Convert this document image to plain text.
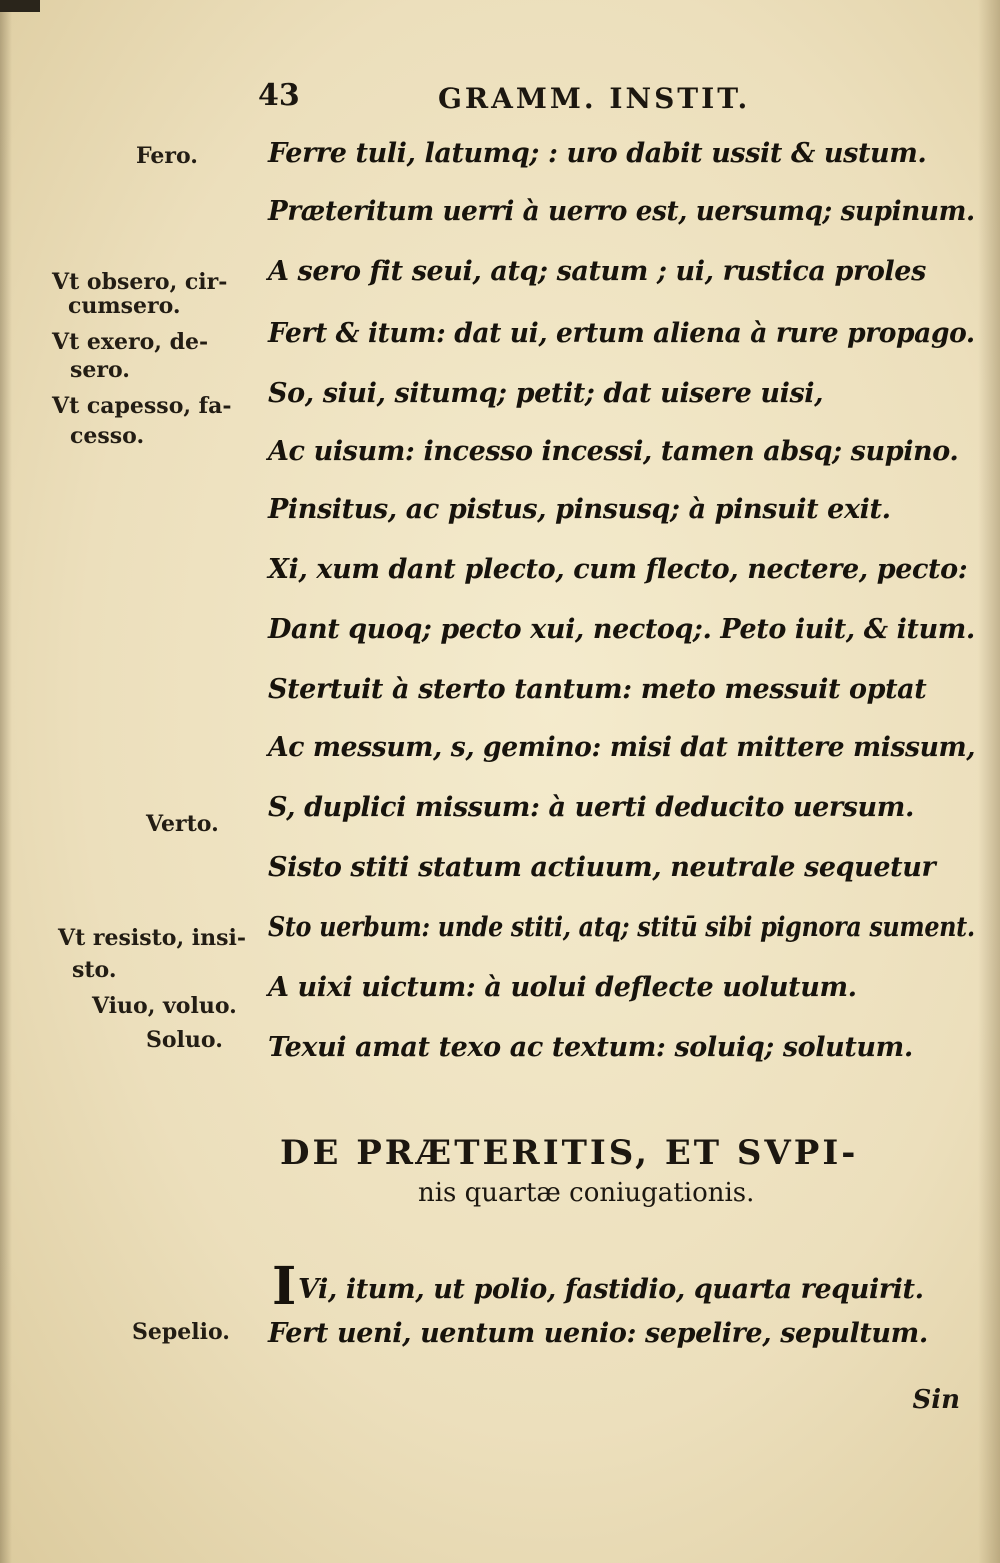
43	GRAMM. INSTIT.
Fero.
Vt obsero, cir-
cumsero.
Vt exero, de-
sero.
Vt capesso, fa-
cesso.
Verto.
Vt resisto, insi-
sto.
Viuo, voluo.
Soluo.
Sepelio.
Ferre tuli, latumq; : uro dabit ussit & ustum.
Præteritum uerri à uerro est, uersumq; supinum.
A sero fit seui, atq; satum ; ui, rustica proles
Fert & itum: dat ui, ertum aliena à rure propago.
So, siui, situmq; petit; dat uisere uisi,
Ac uisum: incesso incessi, tamen absq; supino.
Pinsitus, ac pistus, pinsusq; à pinsuit exit.
Xi, xum dant plecto, cum flecto, nectere, pecto:
Dant quoq; pecto xui, nectoq;. Peto iuit, & itum.
Stertuit à sterto tantum: meto messuit optat
Ac messum, s, gemino: misi dat mittere missum,
S, duplici missum: à uerti deducito uersum.
Sisto stiti statum actiuum, neutrale sequetur
Sto uerbum: unde stiti, atq; stitū sibi pignora sument.
A uixi uictum: à uolui deflecte uolutum.
Texui amat texo ac textum: soluiq; solutum.
DE PRÆTERITIS, ET SVPI-
nis quartæ coniugationis.
IVi, itum, ut polio, fastidio, quarta requirit.
Fert ueni, uentum uenio: sepelire, sepultum.
Sin
